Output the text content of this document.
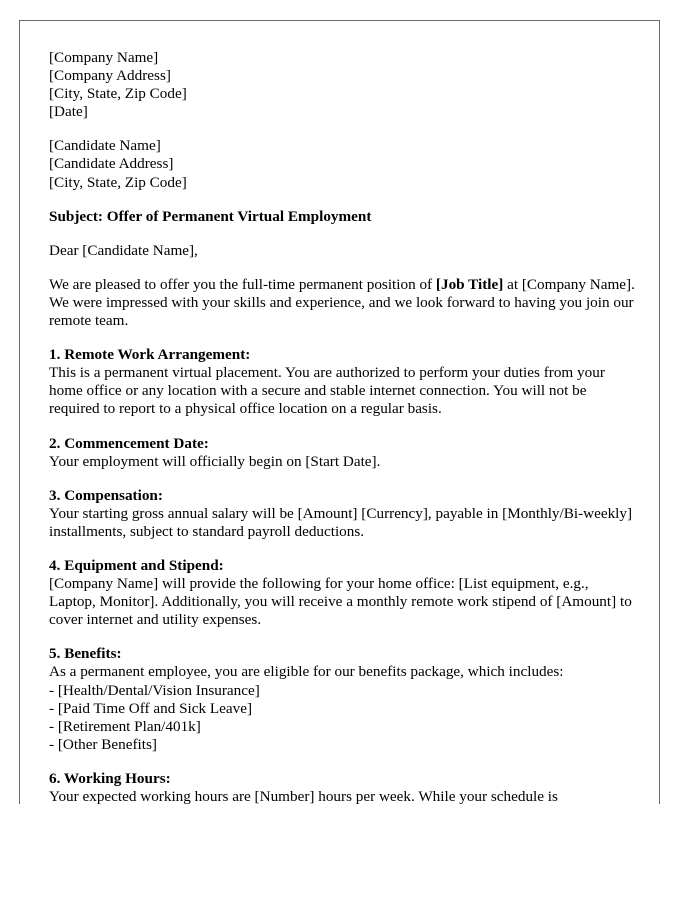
[Company Name]
[Company Address]
[City, State, Zip Code]
[Date]
[Candidate Name]
[Candidate Address]
[City, State, Zip Code]
Subject: Offer of Permanent Virtual Employment
Dear [Candidate Name],
We are pleased to offer you the full-time permanent position of [Job Title] at [Company Name]. We were impressed with your skills and experience, and we look forward to having you join our remote team.
1. Remote Work Arrangement:
This is a permanent virtual placement. You are authorized to perform your duties from your home office or any location with a secure and stable internet connection. You will not be required to report to a physical office location on a regular basis.
2. Commencement Date:
Your employment will officially begin on [Start Date].
3. Compensation:
Your starting gross annual salary will be [Amount] [Currency], payable in [Monthly/Bi-weekly] installments, subject to standard payroll deductions.
4. Equipment and Stipend:
[Company Name] will provide the following for your home office: [List equipment, e.g., Laptop, Monitor]. Additionally, you will receive a monthly remote work stipend of [Amount] to cover internet and utility expenses.
5. Benefits:
As a permanent employee, you are eligible for our benefits package, which includes:
- [Health/Dental/Vision Insurance]
- [Paid Time Off and Sick Leave]
- [Retirement Plan/401k]
- [Other Benefits]
6. Working Hours:
Your expected working hours are [Number] hours per week. While your schedule is
